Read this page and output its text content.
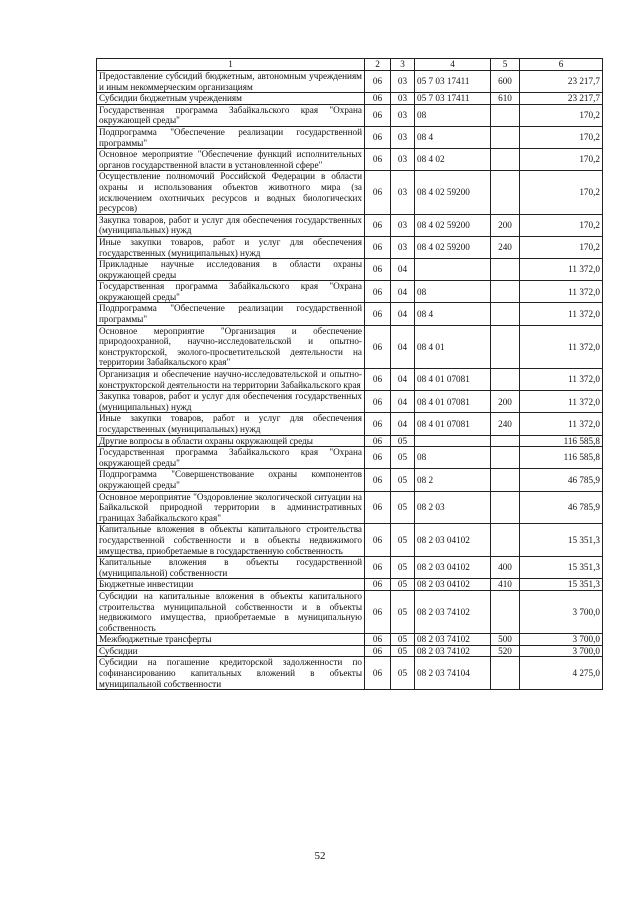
1	2	3	4	5	6
Предоставление субсидий бюджетным, автономным учреждениям и иным некоммерческим организациям	06	03	05 7 03 17411	600	23 217,7
Субсидии бюджетным учреждениям	06	03	05 7 03 17411	610	23 217,7
Государственная программа Забайкальского края "Охрана окружающей среды"	06	03	08		170,2
Подпрограмма "Обеспечение реализации государственной программы"	06	03	08 4		170,2
Основное мероприятие "Обеспечение функций исполнительных органов государственной власти в установленной сфере"	06	03	08 4 02		170,2
Осуществление полномочий Российской Федерации в области охраны и использования объектов животного мира (за исключением охотничьих ресурсов и водных биологических ресурсов)	06	03	08 4 02 59200		170,2
Закупка товаров, работ и услуг для обеспечения государственных (муниципальных) нужд	06	03	08 4 02 59200	200	170,2
Иные закупки товаров, работ и услуг для обеспечения государственных (муниципальных) нужд	06	03	08 4 02 59200	240	170,2
Прикладные научные исследования в области охраны окружающей среды	06	04			11 372,0
Государственная программа Забайкальского края "Охрана окружающей среды"	06	04	08		11 372,0
Подпрограмма "Обеспечение реализации государственной программы"	06	04	08 4		11 372,0
Основное мероприятие "Организация и обеспечение природоохранной, научно-исследовательской и опытно-конструкторской, эколого-просветительской деятельности на территории Забайкальского края"	06	04	08 4 01		11 372,0
Организация и обеспечение научно-исследовательской и опытно-конструкторской деятельности на территории Забайкальского края	06	04	08 4 01 07081		11 372,0
Закупка товаров, работ и услуг для обеспечения государственных (муниципальных) нужд	06	04	08 4 01 07081	200	11 372,0
Иные закупки товаров, работ и услуг для обеспечения государственных (муниципальных) нужд	06	04	08 4 01 07081	240	11 372,0
Другие вопросы в области охраны окружающей среды	06	05			116 585,8
Государственная программа Забайкальского края "Охрана окружающей среды"	06	05	08		116 585,8
Подпрограмма "Совершенствование охраны компонентов окружающей среды"	06	05	08 2		46 785,9
Основное мероприятие "Оздоровление экологической ситуации на Байкальской природной территории в административных границах Забайкальского края"	06	05	08 2 03		46 785,9
Капитальные вложения в объекты капитального строительства государственной собственности и в объекты недвижимого имущества, приобретаемые в государственную собственность	06	05	08 2 03 04102		15 351,3
Капитальные вложения в объекты государственной (муниципальной) собственности	06	05	08 2 03 04102	400	15 351,3
Бюджетные инвестиции	06	05	08 2 03 04102	410	15 351,3
Субсидии на капитальные вложения в объекты капитального строительства муниципальной собственности и в объекты недвижимого имущества, приобретаемые в муниципальную собственность	06	05	08 2 03 74102		3 700,0
Межбюджетные трансферты	06	05	08 2 03 74102	500	3 700,0
Субсидии	06	05	08 2 03 74102	520	3 700,0
Субсидии на погашение кредиторской задолженности по софинансированию капитальных вложений в объекты муниципальной собственности	06	05	08 2 03 74104		4 275,0
52
